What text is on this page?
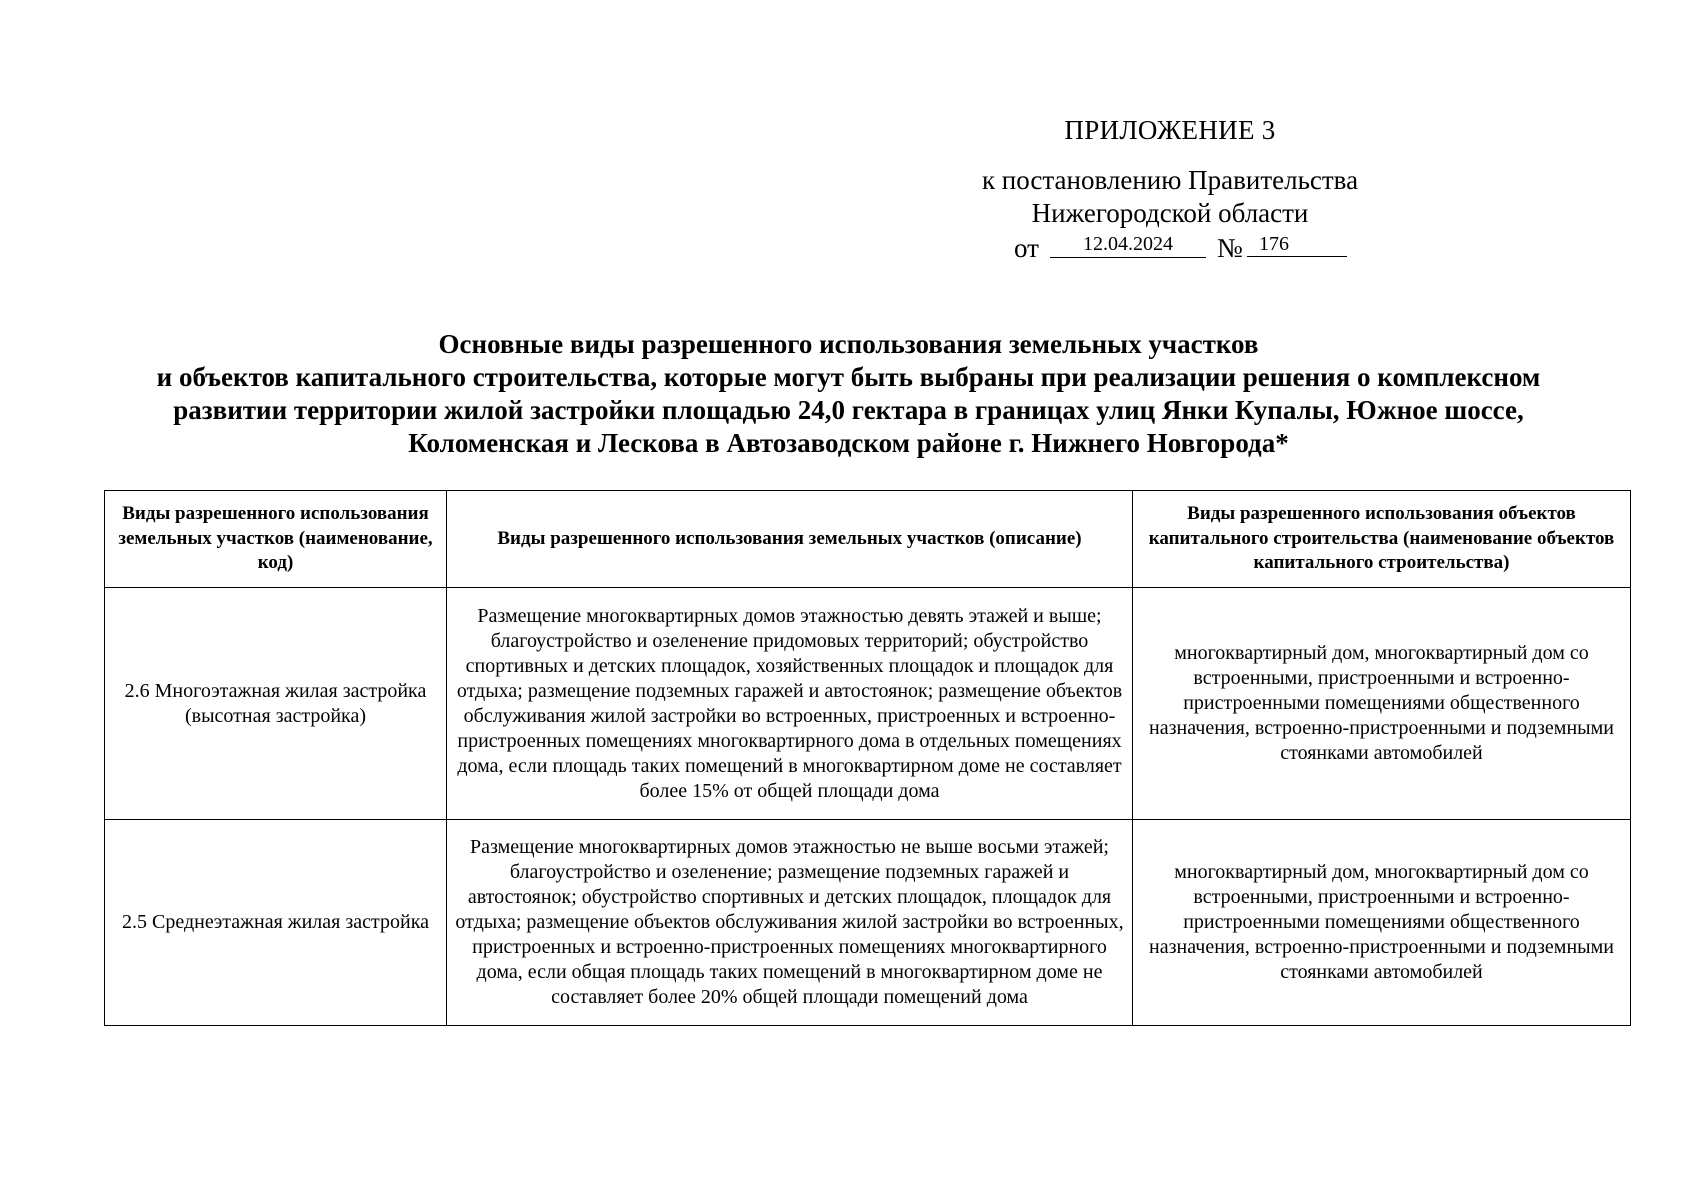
ПРИЛОЖЕНИЕ 3
к постановлению Правительства
Нижегородской области
от	12.04.2024	№ 176
Основные виды разрешенного использования земельных участков
и объектов капитального строительства, которые могут быть выбраны при реализации решения о комплексном
развитии территории жилой застройки площадью 24,0 гектара в границах улиц Янки Купалы, Южное шоссе,
Коломенская и Лескова в Автозаводском районе г. Нижнего Новгорода*
Виды разрешенного использования земельных участков (наименование, код)	Виды разрешенного использования земельных участков (описание)	Виды разрешенного использования объектов капитального строительства (наименование объектов капитального строительства)
2.6 Многоэтажная жилая застройка (высотная застройка)	Размещение многоквартирных домов этажностью девять этажей и выше; благоустройство и озеленение придомовых территорий; обустройство спортивных и детских площадок, хозяйственных площадок и площадок для отдыха; размещение подземных гаражей и автостоянок; размещение объектов обслуживания жилой застройки во встроенных, пристроенных и встроенно-пристроенных помещениях многоквартирного дома в отдельных помещениях дома, если площадь таких помещений в многоквартирном доме не составляет более 15% от общей площади дома	многоквартирный дом, многоквартирный дом со встроенными, пристроенными и встроенно-пристроенными помещениями общественного назначения, встроенно-пристроенными и подземными стоянками автомобилей
2.5 Среднеэтажная жилая застройка	Размещение многоквартирных домов этажностью не выше восьми этажей; благоустройство и озеленение; размещение подземных гаражей и автостоянок; обустройство спортивных и детских площадок, площадок для отдыха; размещение объектов обслуживания жилой застройки во встроенных, пристроенных и встроенно-пристроенных помещениях многоквартирного дома, если общая площадь таких помещений в многоквартирном доме не составляет более 20% общей площади помещений дома	многоквартирный дом, многоквартирный дом со встроенными, пристроенными и встроенно-пристроенными помещениями общественного назначения, встроенно-пристроенными и подземными стоянками автомобилей
